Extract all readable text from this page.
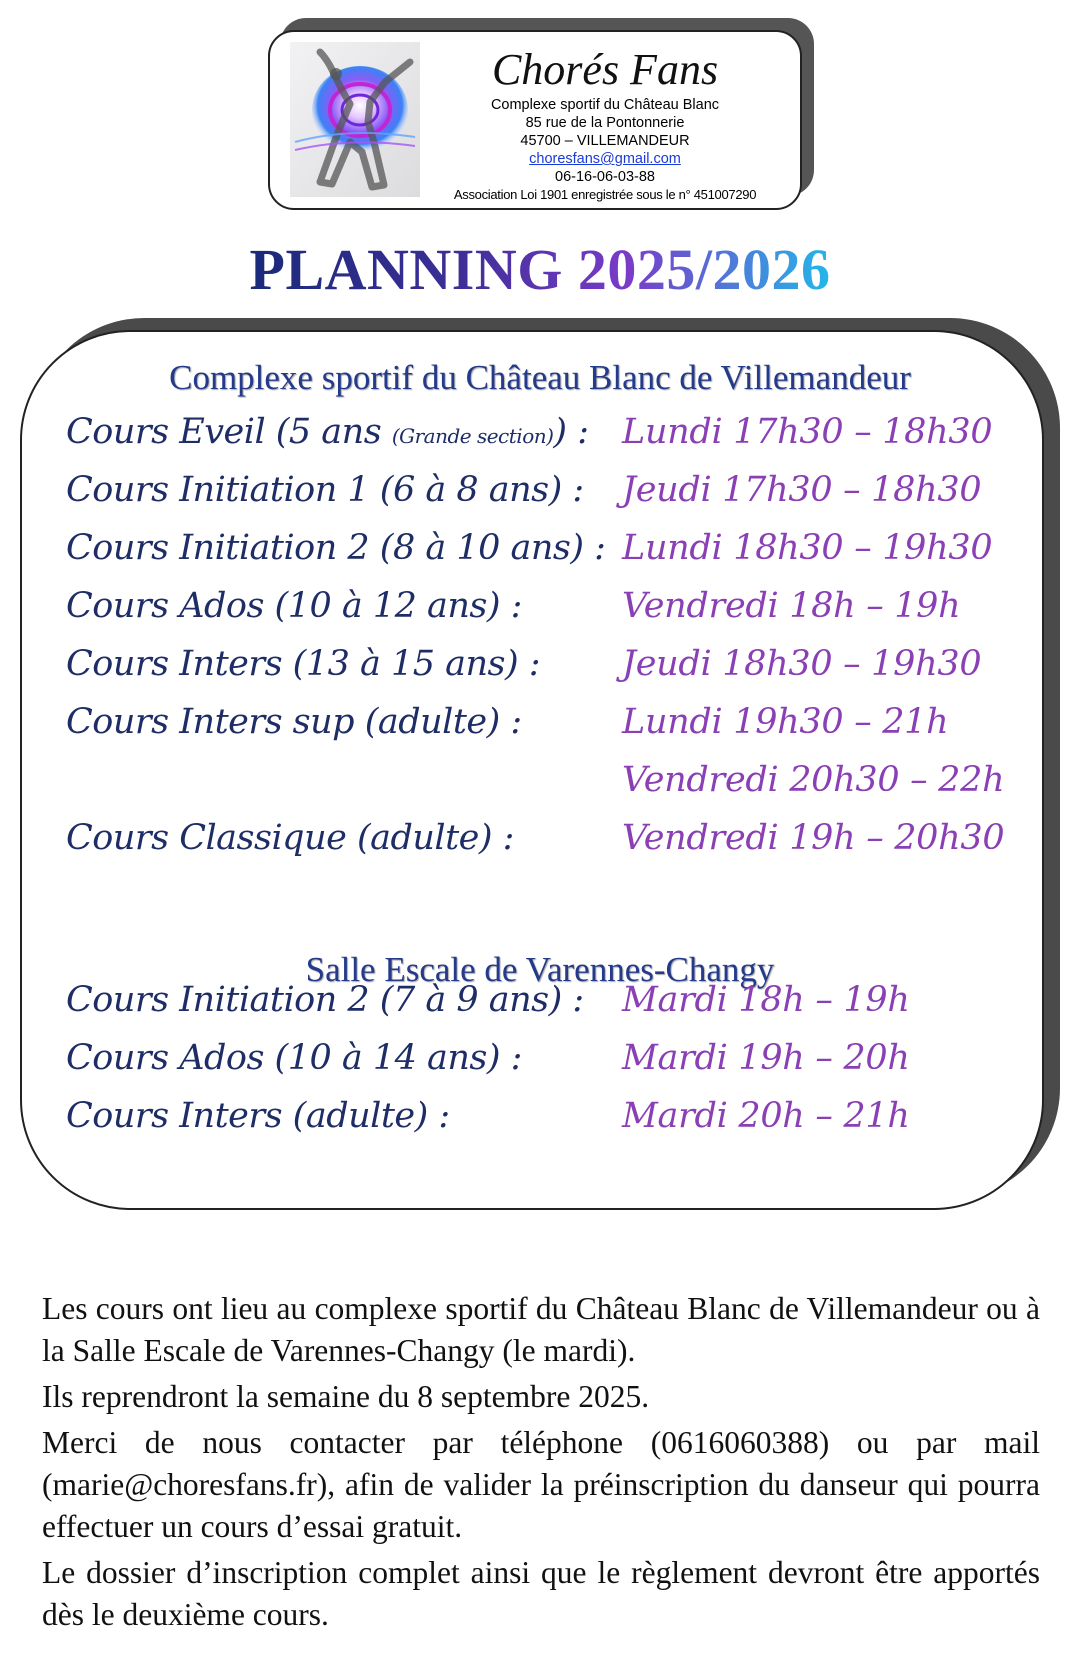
Chorés Fans
Complexe sportif du Château Blanc
85 rue de la Pontonnerie
45700 – VILLEMANDEUR
choresfans@gmail.com
06-16-06-03-88
Association Loi 1901 enregistrée sous le n° 451007290
PLANNING 2025/2026
Complexe sportif du Château Blanc de Villemandeur
Cours Eveil (5 ans (Grande section)) : Lundi 17h30 – 18h30
Cours Initiation 1 (6 à 8 ans) : Jeudi 17h30 – 18h30
Cours Initiation 2 (8 à 10 ans) : Lundi 18h30 – 19h30
Cours Ados (10 à 12 ans) :	Vendredi 18h – 19h
Cours Inters (13 à 15 ans) : Jeudi 18h30 – 19h30
Cours Inters sup (adulte) :	Lundi 19h30 – 21h
Vendredi 20h30 – 22h
Cours Classique (adulte) :	Vendredi 19h – 20h30
Salle Escale de Varennes-Changy
Cours Initiation 2 (7 à 9 ans) : Mardi 18h – 19h
Cours Ados (10 à 14 ans) :	Mardi 19h – 20h
Cours Inters (adulte) :	Mardi 20h – 21h

Les cours ont lieu au complexe sportif du Château Blanc de Villemandeur ou à la Salle Escale de Varennes-Changy (le mardi).

Ils reprendront la semaine du 8 septembre 2025.

Merci de nous contacter par téléphone (0616060388) ou par mail (marie@choresfans.fr), afin de valider la préinscription du danseur qui pourra effectuer un cours d’essai gratuit.

Le dossier d’inscription complet ainsi que le règlement devront être apportés dès le deuxième cours.
